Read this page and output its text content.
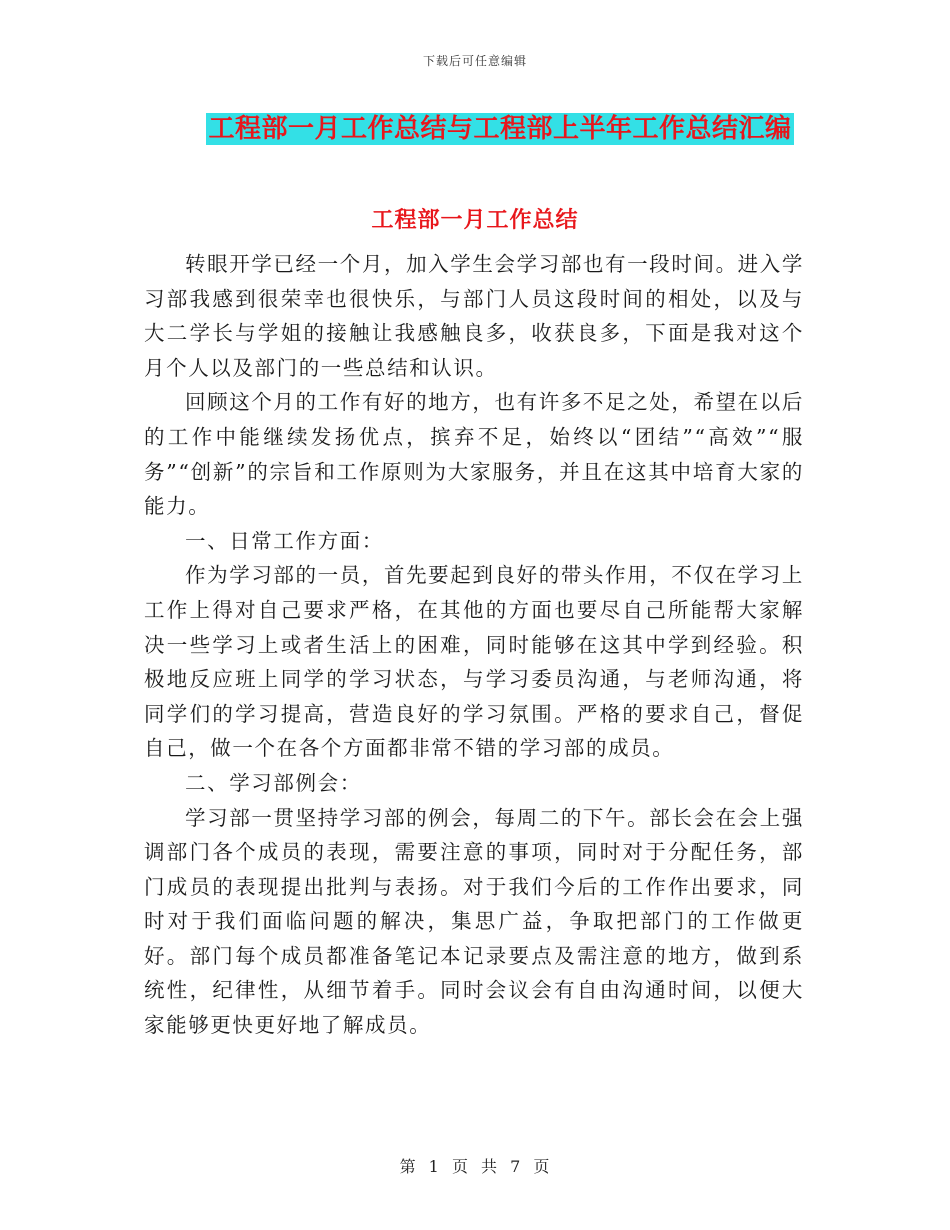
下载后可任意编辑
工程部一月工作总结与工程部上半年工作总结汇编
工程部一月工作总结

转眼开学已经一个月，加入学生会学习部也有一段时间。进入学习部我感到很荣幸也很快乐，与部门人员这段时间的相处，以及与大二学长与学姐的接触让我感触良多，收获良多，下面是我对这个月个人以及部门的一些总结和认识。

回顾这个月的工作有好的地方，也有许多不足之处，希望在以后的工作中能继续发扬优点，摈弃不足，始终以“团结”“高效”“服务”“创新”的宗旨和工作原则为大家服务，并且在这其中培育大家的能力。

一、日常工作方面：

作为学习部的一员，首先要起到良好的带头作用，不仅在学习上工作上得对自己要求严格，在其他的方面也要尽自己所能帮大家解决一些学习上或者生活上的困难，同时能够在这其中学到经验。积极地反应班上同学的学习状态，与学习委员沟通，与老师沟通，将同学们的学习提高，营造良好的学习氛围。严格的要求自己，督促自己，做一个在各个方面都非常不错的学习部的成员。

二、学习部例会：

学习部一贯坚持学习部的例会，每周二的下午。部长会在会上强调部门各个成员的表现，需要注意的事项，同时对于分配任务，部门成员的表现提出批判与表扬。对于我们今后的工作作出要求，同时对于我们面临问题的解决，集思广益，争取把部门的工作做更好。部门每个成员都准备笔记本记录要点及需注意的地方，做到系统性，纪律性，从细节着手。同时会议会有自由沟通时间，以便大家能够更快更好地了解成员。

第 1 页 共 7 页
